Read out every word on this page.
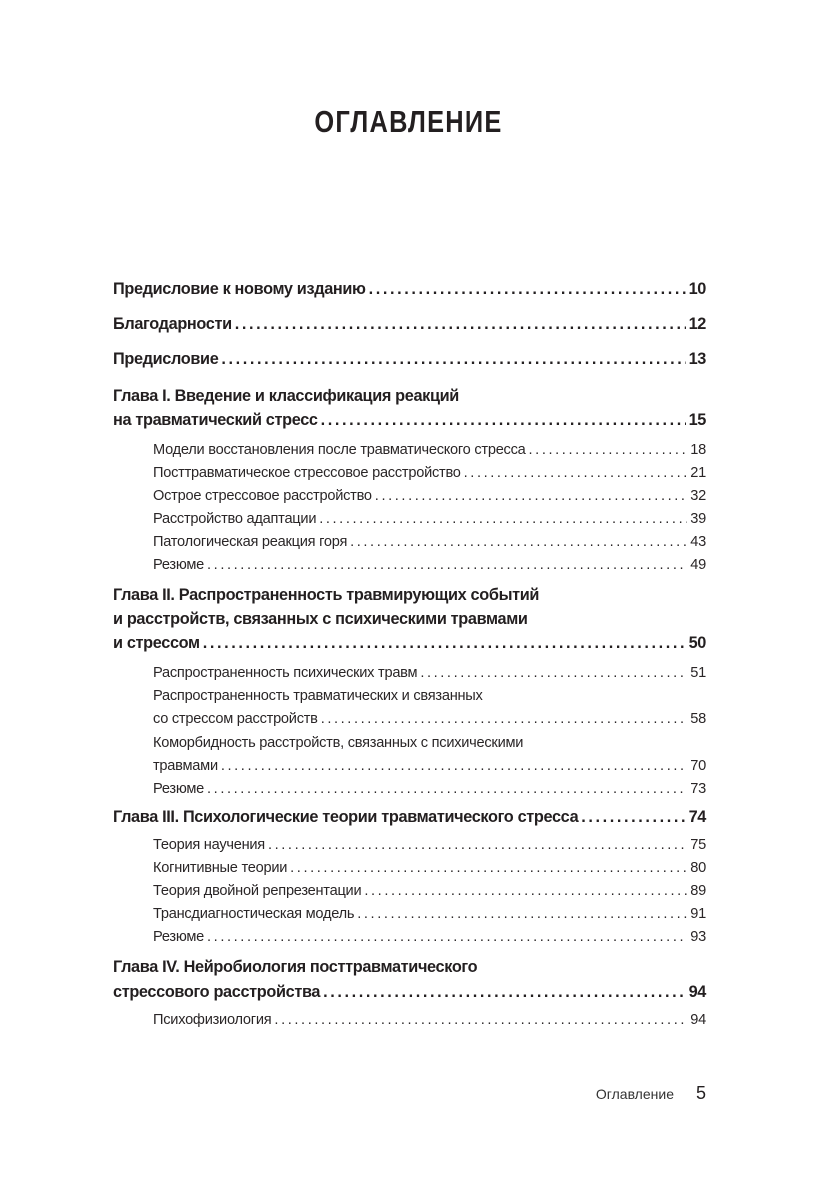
ОГЛАВЛЕНИЕ
Предисловие к новому изданию .....	10
Благодарности .....	12
Предисловие .....	13
Глава I. Введение и классификация реакций
на травматический стресс .....	15
Модели восстановления после травматического стресса .....	18
Посттравматическое стрессовое расстройство .....	21
Острое стрессовое расстройство .....	32
Расстройство адаптации .....	39
Патологическая реакция горя .....	43
Резюме .....	49
Глава II. Распространенность травмирующих событий
и расстройств, связанных с психическими травмами
и стрессом .....	50
Распространенность психических травм .....	51
Распространенность травматических и связанных
со стрессом расстройств .....	58
Коморбидность расстройств, связанных с психическими
травмами .....	70
Резюме .....	73
Глава III. Психологические теории травматического стресса .....	74
Теория научения .....	75
Когнитивные теории .....	80
Теория двойной репрезентации .....	89
Трансдиагностическая модель .....	91
Резюме .....	93
Глава IV. Нейробиология посттравматического
стрессового расстройства .....	94
Психофизиология .....	94
Оглавление 5
